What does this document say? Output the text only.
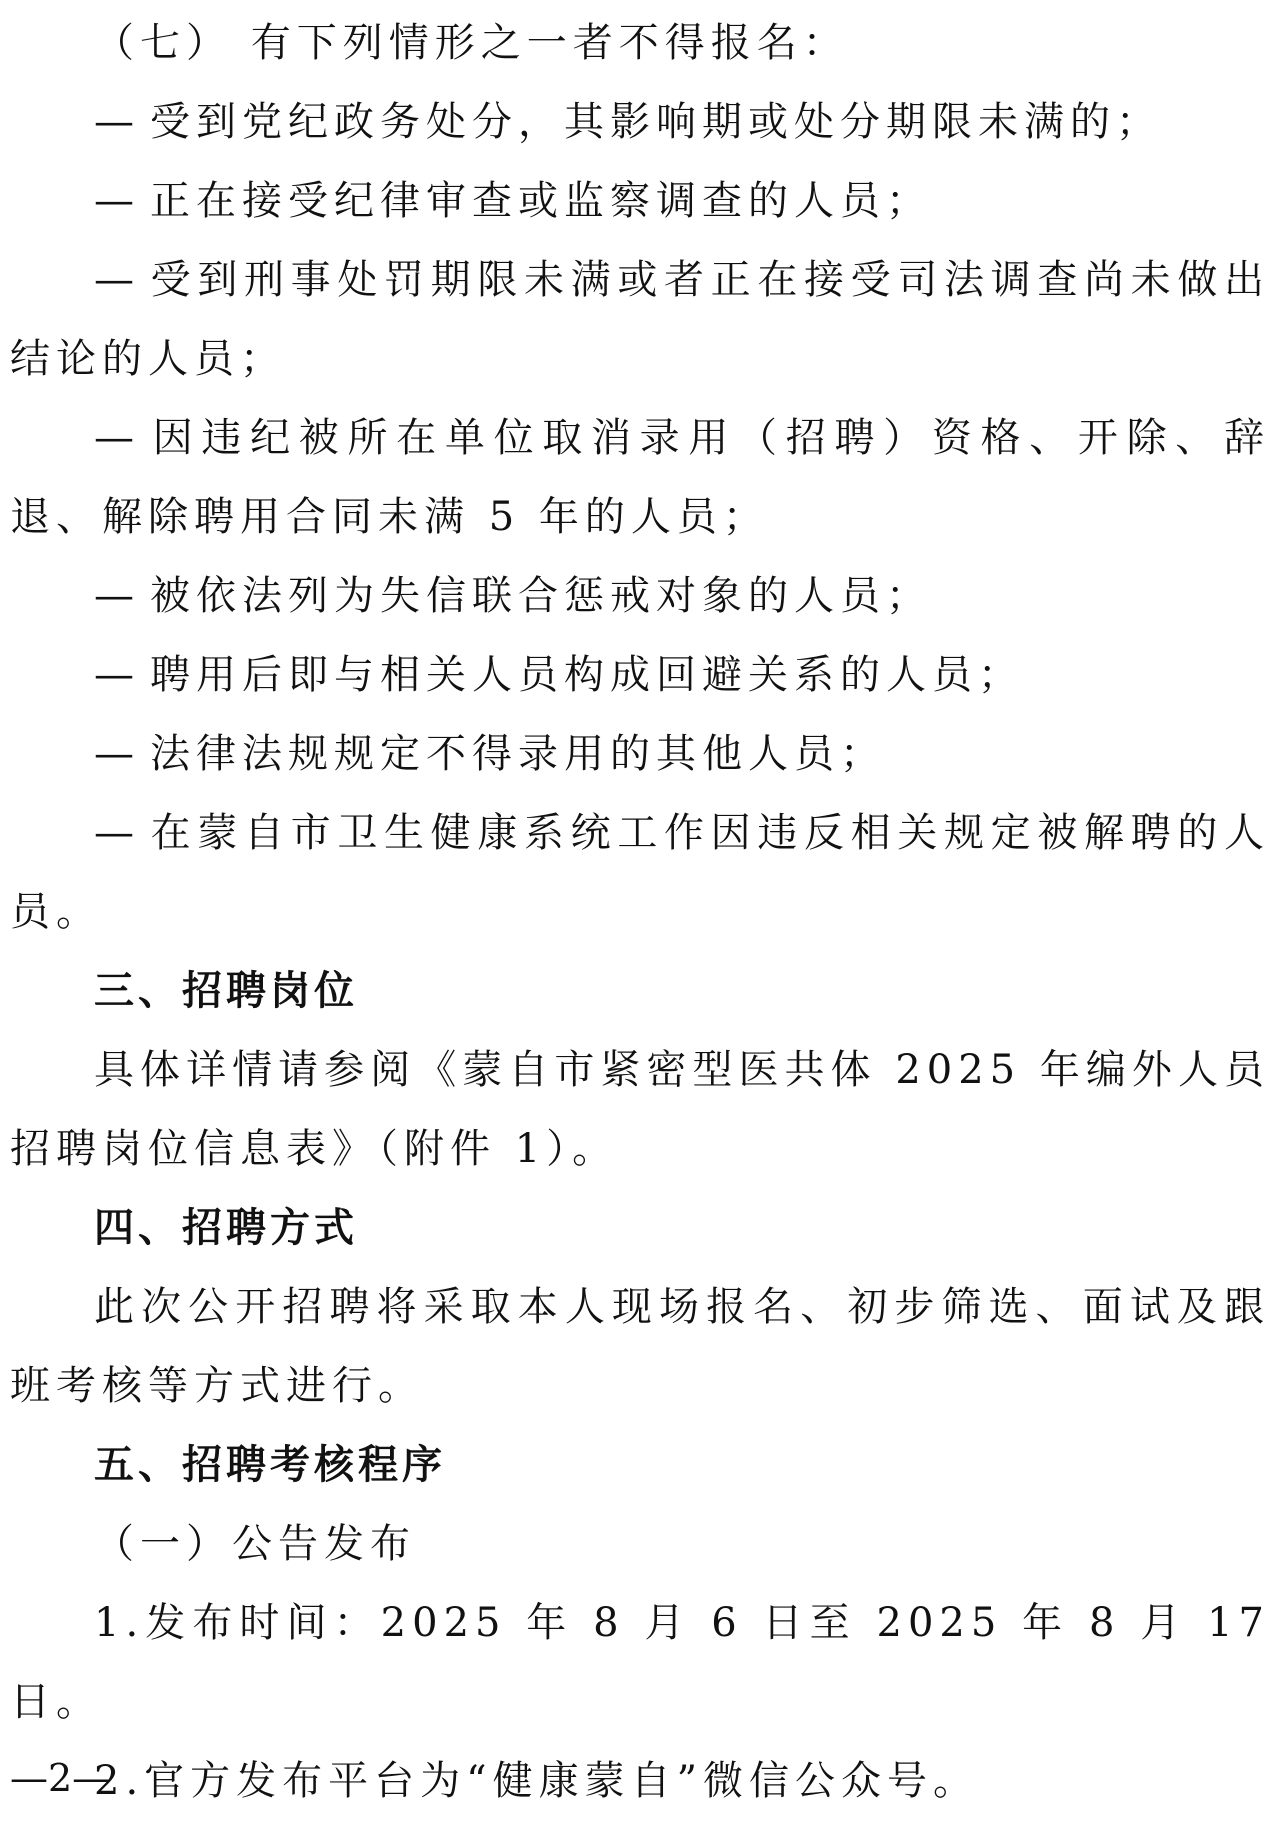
（七） 有下列情形之一者不得报名：

— 受到党纪政务处分，其影响期或处分期限未满的；

— 正在接受纪律审查或监察调查的人员；

— 受到刑事处罚期限未满或者正在接受司法调查尚未做出结论的人员；

— 因违纪被所在单位取消录用（招聘）资格、开除、辞退、解除聘用合同未满 5 年的人员；

— 被依法列为失信联合惩戒对象的人员；

— 聘用后即与相关人员构成回避关系的人员；

— 法律法规规定不得录用的其他人员；

— 在蒙自市卫生健康系统工作因违反相关规定被解聘的人员。

三、招聘岗位

具体详情请参阅《蒙自市紧密型医共体 2025 年编外人员招聘岗位信息表》（附件 1）。

四、招聘方式

此次公开招聘将采取本人现场报名、初步筛选、面试及跟班考核等方式进行。

五、招聘考核程序

（一）公告发布

1.发布时间：2025 年 8 月 6 日至 2025 年 8 月 17 日。

2.官方发布平台为“健康蒙自”微信公众号。

—2—
